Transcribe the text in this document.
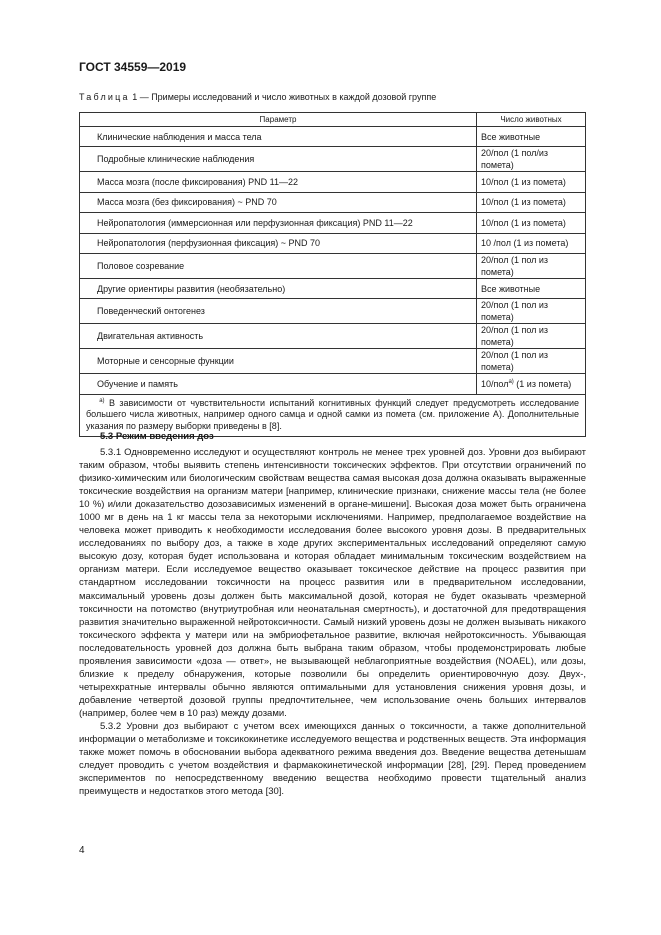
ГОСТ 34559—2019
Таблица 1 — Примеры исследований и число животных в каждой дозовой группе
Параметр	Число животных
Клинические наблюдения и масса тела	Все животные
Подробные клинические наблюдения	20/пол (1 пол/из помета)
Масса мозга (после фиксирования) PND 11—22	10/пол (1 из помета)
Масса мозга (без фиксирования) ~ PND 70	10/пол (1 из помета)
Нейропатология (иммерсионная или перфузионная фиксация) PND 11—22	10/пол (1 из помета)
Нейропатология (перфузионная фиксация) ~ PND 70	10 /пол (1 из помета)
Половое созревание	20/пол (1 пол из помета)
Другие ориентиры развития (необязательно)	Все животные
Поведенческий онтогенез	20/пол (1 пол из помета)
Двигательная активность	20/пол (1 пол из помета)
Моторные и сенсорные функции	20/пол (1 пол из помета)
Обучение и память	10/пол$^{а)}$ (1 из помета)
$^{а)}$ В зависимости от чувствительности испытаний когнитивных функций следует предусмотреть исследование большего числа животных, например одного самца и одной самки из помета (см. приложение А). Дополнительные указания по размеру выборки приведены в [8].	
5.3 Режим введения доз

5.3.1 Одновременно исследуют и осуществляют контроль не менее трех уровней доз. Уровни доз выбирают таким образом, чтобы выявить степень интенсивности токсических эффектов. При отсутствии ограничений по физико-химическим или биологическим свойствам вещества самая высокая доза должна оказывать выраженные токсические воздействия на организм матери [например, клинические признаки, снижение массы тела (не более 10 %) и/или доказательство дозозависимых изменений в органе-мишени]. Высокая доза может быть ограничена 1000 мг в день на 1 кг массы тела за некоторыми исключениями. Например, предполагаемое воздействие на человека может приводить к необходимости исследования более высокого уровня дозы. В предварительных исследованиях по выбору доз, а также в ходе других экспериментальных исследований определяют самую высокую дозу, которая будет использована и которая обладает минимальным токсическим воздействием на организм матери. Если исследуемое вещество оказывает токсическое действие на процесс развития при стандартном исследовании токсичности на процесс развития или в предварительном исследовании, максимальный уровень дозы должен быть максимальной дозой, которая не будет оказывать чрезмерной токсичности на потомство (внутриутробная или неонатальная смертность), и достаточной для предотвращения развития значительно выраженной нейротоксичности. Самый низкий уровень дозы не должен вызывать никакого токсического эффекта у матери или на эмбриофетальное развитие, включая нейротоксичность. Убывающая последовательность уровней доз должна быть выбрана таким образом, чтобы продемонстрировать любые проявления зависимости «доза — ответ», не вызывающей неблагоприятные воздействия (NOAEL), или дозы, близкие к пределу обнаружения, которые позволили бы определить ориентировочную дозу. Двух-, четырехкратные интервалы обычно являются оптимальными для установления снижения уровня дозы, и добавление четвертой дозовой группы предпочтительнее, чем использование очень больших интервалов (например, более чем в 10 раз) между дозами.

5.3.2 Уровни доз выбирают с учетом всех имеющихся данных о токсичности, а также дополнительной информации о метаболизме и токсикокинетике исследуемого вещества и родственных веществ. Эта информация также может помочь в обосновании выбора адекватного режима введения доз. Введение вещества детенышам следует проводить с учетом воздействия и фармакокинетической информации [28], [29]. Перед проведением экспериментов по непосредственному введению вещества необходимо провести тщательный анализ преимуществ и недостатков этого метода [30].

4
